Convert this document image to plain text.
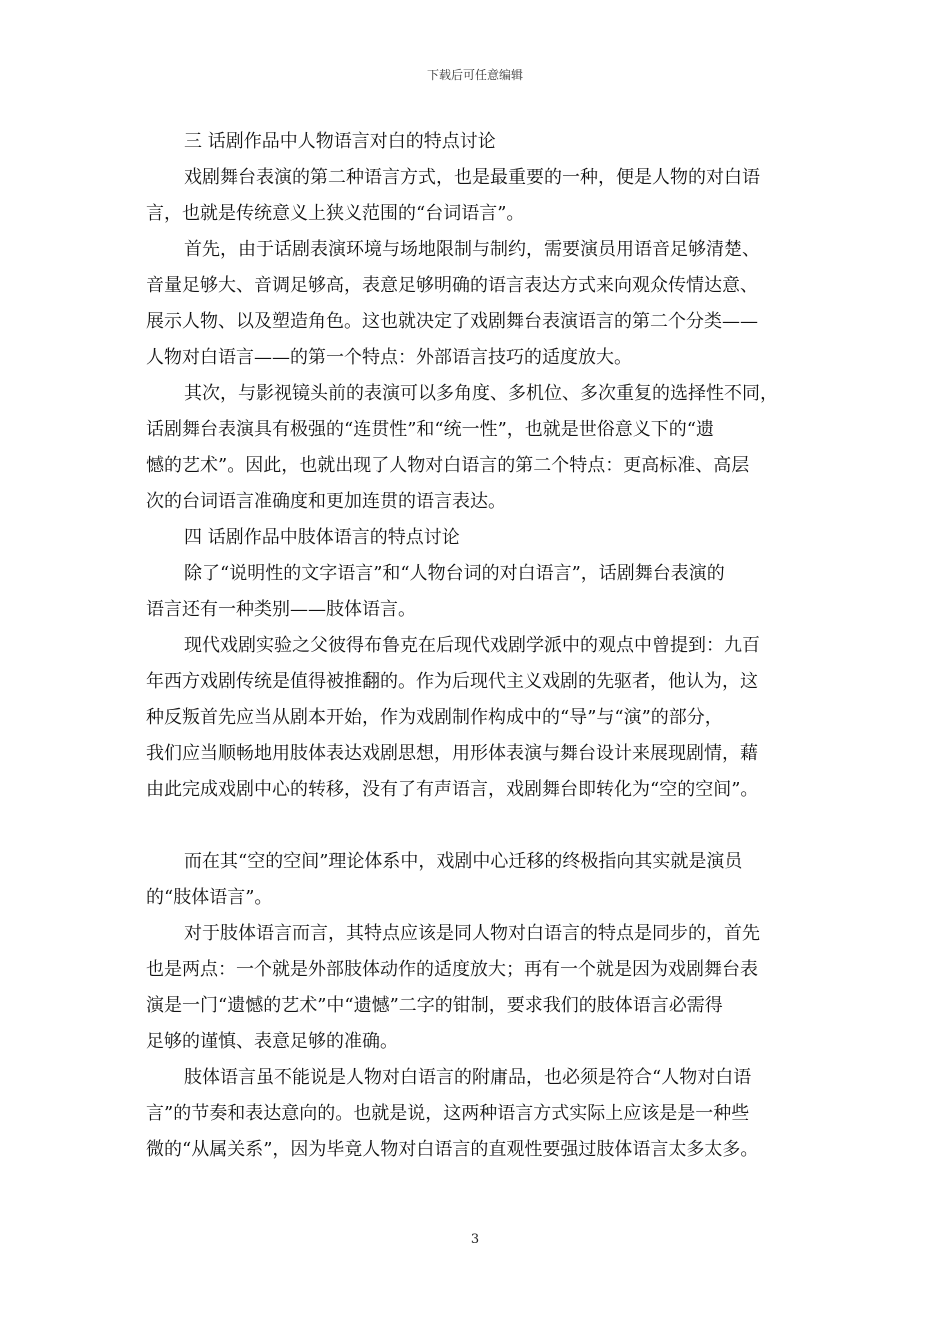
下载后可任意编辑
三 话剧作品中人物语言对白的特点讨论
戏剧舞台表演的第二种语言方式，也是最重要的一种，便是人物的对白语
言，也就是传统意义上狭义范围的“台词语言”。
首先，由于话剧表演环境与场地限制与制约，需要演员用语音足够清楚、
音量足够大、音调足够高，表意足够明确的语言表达方式来向观众传情达意、
展示人物、以及塑造角色。这也就决定了戏剧舞台表演语言的第二个分类——
人物对白语言——的第一个特点：外部语言技巧的适度放大。
其次，与影视镜头前的表演可以多角度、多机位、多次重复的选择性不同，
话剧舞台表演具有极强的“连贯性”和“统一性”，也就是世俗意义下的“遗
憾的艺术”。因此，也就出现了人物对白语言的第二个特点：更高标准、高层
次的台词语言准确度和更加连贯的语言表达。
四 话剧作品中肢体语言的特点讨论
除了“说明性的文字语言”和“人物台词的对白语言”，话剧舞台表演的
语言还有一种类别——肢体语言。
现代戏剧实验之父彼得布鲁克在后现代戏剧学派中的观点中曾提到：九百
年西方戏剧传统是值得被推翻的。作为后现代主义戏剧的先驱者，他认为，这
种反叛首先应当从剧本开始，作为戏剧制作构成中的“导”与“演”的部分，
我们应当顺畅地用肢体表达戏剧思想，用形体表演与舞台设计来展现剧情，藉
由此完成戏剧中心的转移，没有了有声语言，戏剧舞台即转化为“空的空间”。
而在其“空的空间”理论体系中，戏剧中心迁移的终极指向其实就是演员
的“肢体语言”。
对于肢体语言而言，其特点应该是同人物对白语言的特点是同步的，首先
也是两点：一个就是外部肢体动作的适度放大；再有一个就是因为戏剧舞台表
演是一门“遗憾的艺术”中“遗憾”二字的钳制，要求我们的肢体语言必需得
足够的谨慎、表意足够的准确。
肢体语言虽不能说是人物对白语言的附庸品，也必须是符合“人物对白语
言”的节奏和表达意向的。也就是说，这两种语言方式实际上应该是是一种些
微的“从属关系”，因为毕竟人物对白语言的直观性要强过肢体语言太多太多。
3
